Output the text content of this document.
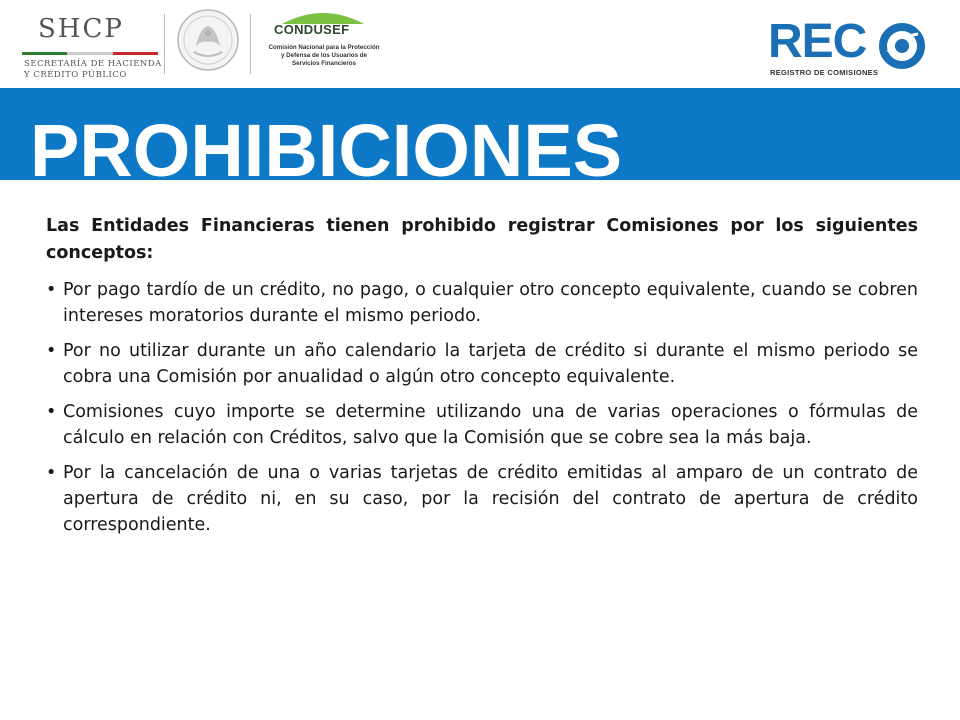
SHCP
SECRETARÍA DE HACIENDA
Y CRÉDITO PÚBLICO
CONDUSEF
Comisión Nacional para la Protección
y Defensa de los Usuarios de
Servicios Financieros	REC
REGISTRO DE COMISIONES
PROHIBICIONES

Las Entidades Financieras tienen prohibido registrar Comisiones por los siguientes conceptos:

• Por pago tardío de un crédito, no pago, o cualquier otro concepto equivalente, cuando se cobren intereses moratorios durante el mismo periodo.
• Por no utilizar durante un año calendario la tarjeta de crédito si durante el mismo periodo se cobra una Comisión por anualidad o algún otro concepto equivalente.
• Comisiones cuyo importe se determine utilizando una de varias operaciones o fórmulas de cálculo en relación con Créditos, salvo que la Comisión que se cobre sea la más baja.
• Por la cancelación de una o varias tarjetas de crédito emitidas al amparo de un contrato de apertura de crédito ni, en su caso, por la recisión del contrato de apertura de crédito correspondiente.
